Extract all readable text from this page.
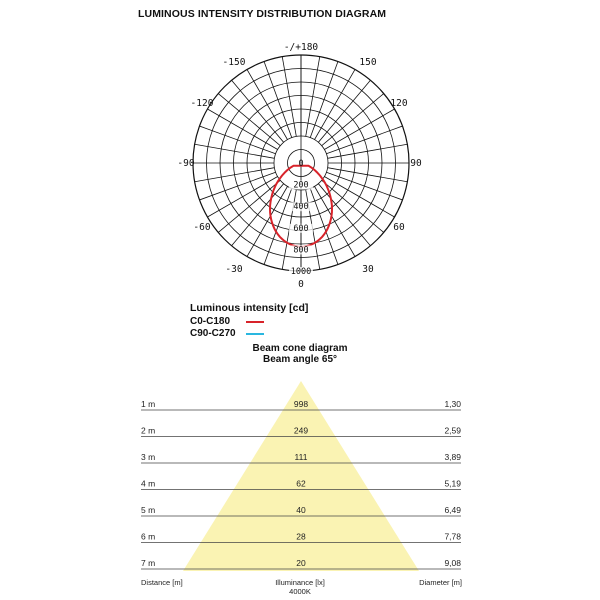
LUMINOUS INTENSITY DISTRIBUTION DIAGRAM
-/+180
-150
-120
-90
-60
-30
150
120
90
60
30
0
0
200
400
600
800
1000
Luminous intensity [cd]
C0-C180
C90-C270
Beam cone diagram
Beam angle 65°
1 m	998	1,30
2 m	249	2,59
3 m	111	3,89
4 m	62	5,19
5 m	40	6,49
6 m	28	7,78
7 m	20	9,08
Distance [m]	Illuminance [lx]
4000K
Diameter [m]
